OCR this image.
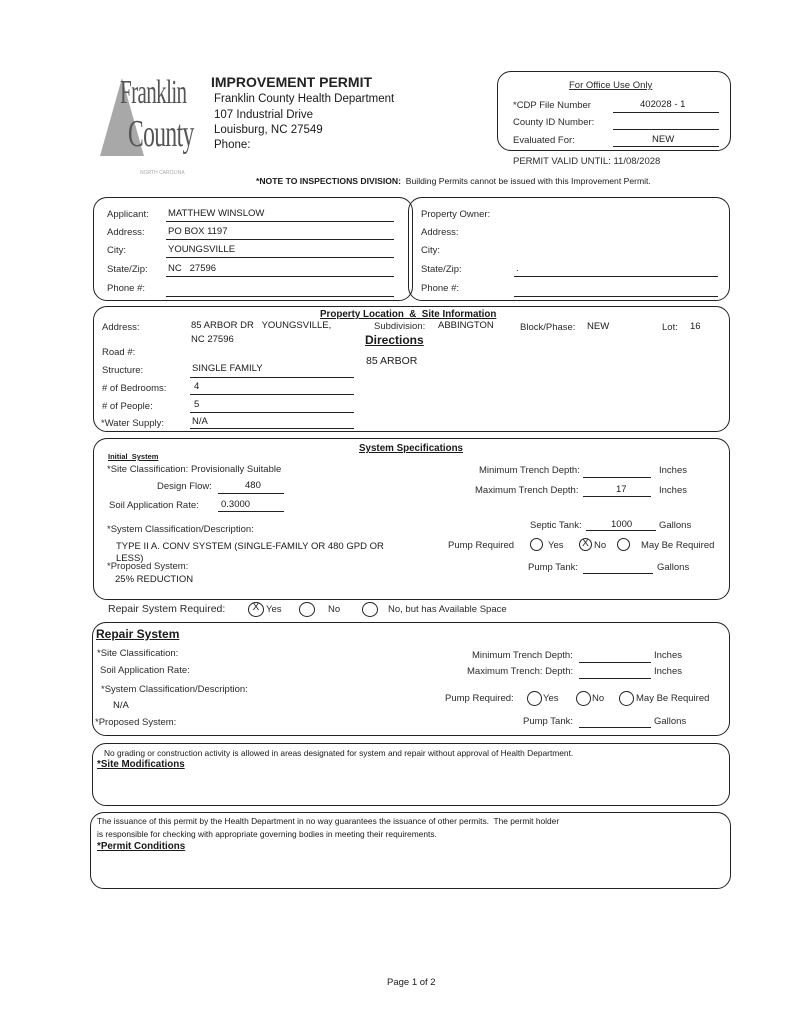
Franklin
County
NORTH CAROLINA
IMPROVEMENT PERMIT
Franklin County Health Department
107 Industrial Drive
Louisburg, NC 27549
Phone:
For Office Use Only
*CDP File Number	402028 - 1
County ID Number:
Evaluated For:	NEW
PERMIT VALID UNTIL: 11/08/2028
*NOTE TO INSPECTIONS DIVISION: Building Permits cannot be issued with this Improvement Permit.
Applicant: MATTHEW WINSLOW
Address: PO BOX 1197
City:	YOUNGSVILLE
State/Zip: NC   27596
Phone #:
Property Owner:
Address:
City:
State/Zip:	.
Phone #:
Property Location  &  Site Information
Address:	85 ARBOR DR   YOUNGSVILLE,
NC 27596
Subdivision: ABBINGTON	Block/Phase: NEW	Lot: 16
Directions
85 ARBOR
Road #:
Structure:	SINGLE FAMILY
# of Bedrooms:	4
# of People:	5
*Water Supply:	N/A
System Specifications
Initial  System
*Site Classification: Provisionally Suitable
Design Flow:	480
Soil Application Rate: 0.3000
*System Classification/Description:
TYPE II A. CONV SYSTEM (SINGLE-FAMILY OR 480 GPD OR
LESS)
*Proposed System:
25% REDUCTION
Minimum Trench Depth:	Inches
Maximum Trench Depth:	17	Inches
Septic Tank:	1000	Gallons
Pump Required	Yes	X No	May Be Required
Pump Tank:	Gallons
Repair System Required:	X Yes	No	No, but has Available Space
Repair System
*Site Classification:
Soil Application Rate:
*System Classification/Description:
N/A
*Proposed System:
Minimum Trench Depth:	Inches
Maximum Trench: Depth:	Inches
Pump Required:	Yes	No	May Be Required
Pump Tank:	Gallons
No grading or construction activity is allowed in areas designated for system and repair without approval of Health Department.
*Site Modifications
The issuance of this permit by the Health Department in no way guarantees the issuance of other permits.  The permit holder
is responsible for checking with appropriate governing bodies in meeting their requirements.
*Permit Conditions
Page 1 of 2
